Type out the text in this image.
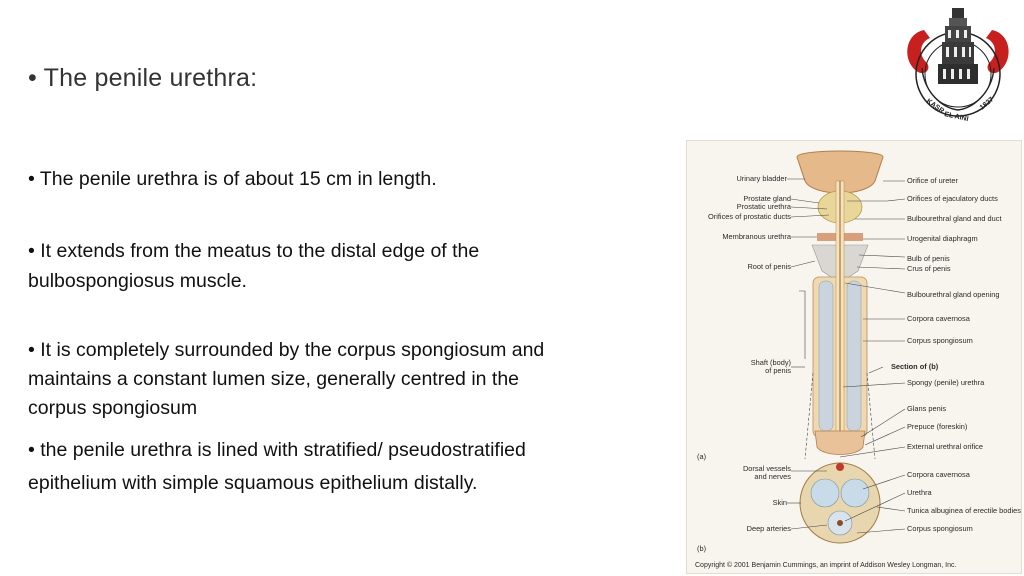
• The penile urethra:
• The penile urethra is of about 15 cm in length.
• It extends from the meatus to the distal edge of the
bulbospongiosus muscle.
• It is completely surrounded by the corpus spongiosum and
maintains a constant lumen size, generally centred in the
corpus spongiosum
• the penile urethra is lined with stratified/ pseudostratified
epithelium with simple squamous epithelium distally.
KASR
EL AINI
1827
Urinary bladder
Prostate gland
Prostatic urethra
Orifices of prostatic ducts
Membranous urethra
Root of penis
Shaft (body)
of penis
(a)
Dorsal vessels
and nerves
Skin
Deep arteries
(b)
Orifice of ureter
Orifices of ejaculatory ducts
Bulbourethral gland and duct
Urogenital diaphragm
Bulb of penis
Crus of penis
Bulbourethral gland opening
Corpora cavernosa
Corpus spongiosum
Section of (b)
Spongy (penile) urethra
Glans penis
Prepuce (foreskin)
External urethral orifice
Corpora cavernosa
Urethra
Tunica albuginea of erectile bodies
Corpus spongiosum
Copyright © 2001 Benjamin Cummings, an imprint of Addison Wesley Longman, Inc.
